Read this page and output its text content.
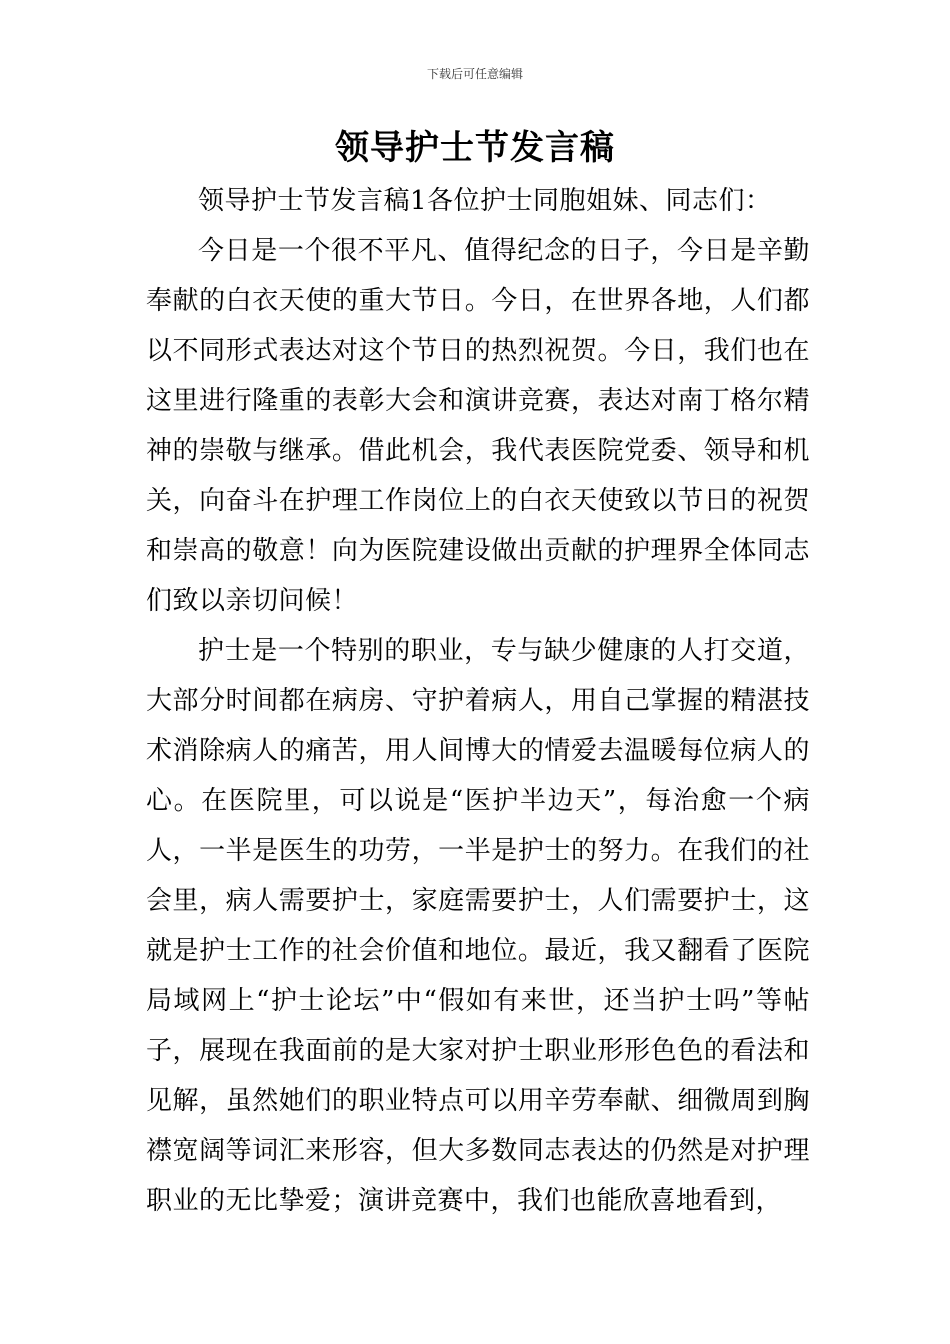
下载后可任意编辑
领导护士节发言稿

领导护士节发言稿1各位护士同胞姐妹、同志们：

今日是一个很不平凡、值得纪念的日子，今日是辛勤奉献的白衣天使的重大节日。今日，在世界各地，人们都以不同形式表达对这个节日的热烈祝贺。今日，我们也在这里进行隆重的表彰大会和演讲竞赛，表达对南丁格尔精神的崇敬与继承。借此机会，我代表医院党委、领导和机关，向奋斗在护理工作岗位上的白衣天使致以节日的祝贺和崇高的敬意！向为医院建设做出贡献的护理界全体同志们致以亲切问候！

护士是一个特别的职业，专与缺少健康的人打交道，大部分时间都在病房、守护着病人，用自己掌握的精湛技术消除病人的痛苦，用人间博大的情爱去温暖每位病人的心。在医院里，可以说是“医护半边天”，每治愈一个病人，一半是医生的功劳，一半是护士的努力。在我们的社会里，病人需要护士，家庭需要护士，人们需要护士，这就是护士工作的社会价值和地位。最近，我又翻看了医院局域网上“护士论坛”中“假如有来世，还当护士吗”等帖子，展现在我面前的是大家对护士职业形形色色的看法和见解，虽然她们的职业特点可以用辛劳奉献、细微周到胸襟宽阔等词汇来形容，但大多数同志表达的仍然是对护理职业的无比挚爱；演讲竞赛中，我们也能欣喜地看到，
